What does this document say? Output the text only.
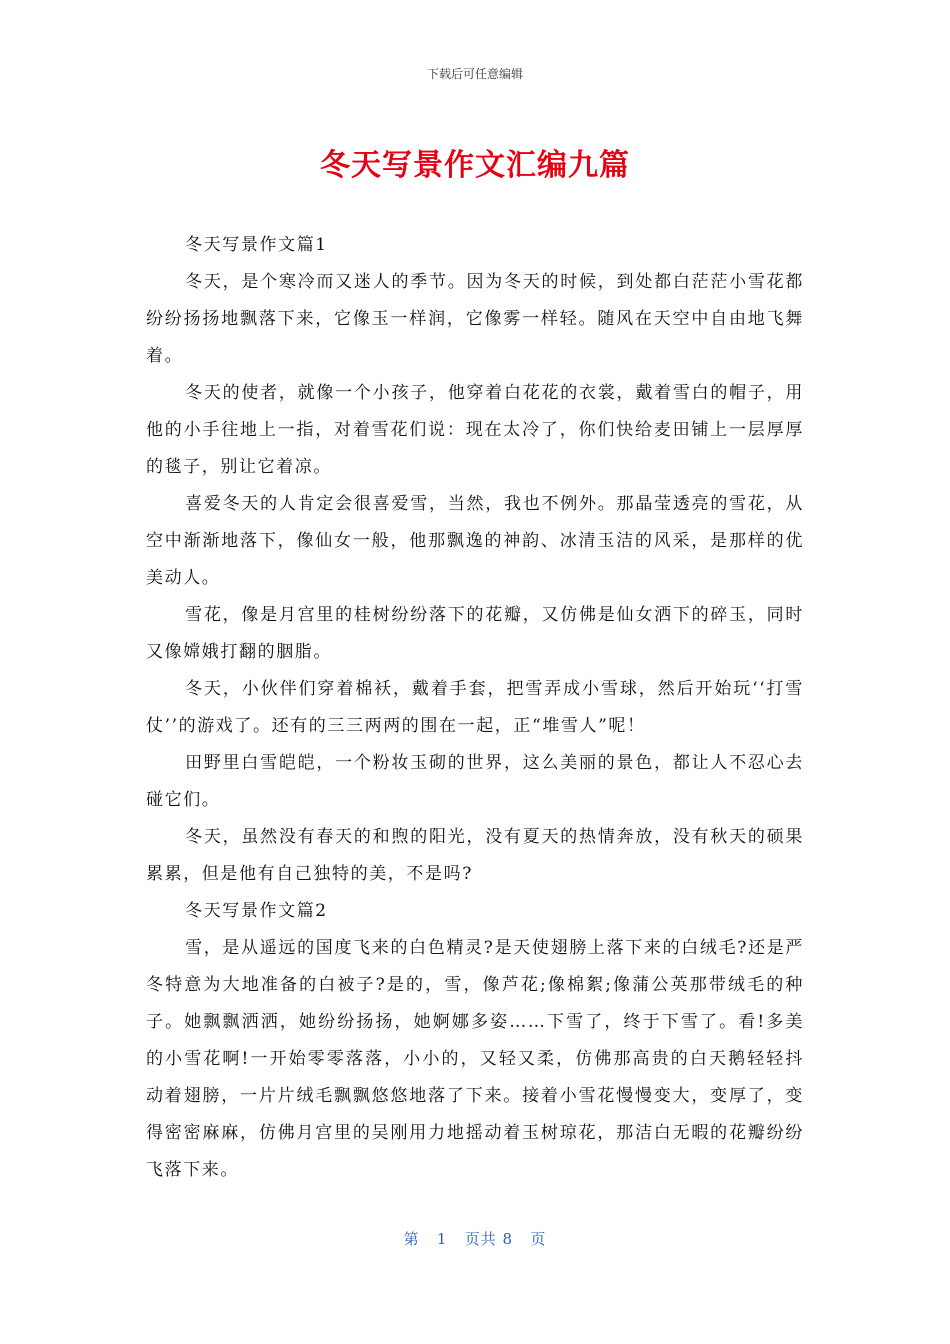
下载后可任意编辑
冬天写景作文汇编九篇

冬天写景作文篇1

冬天，是个寒冷而又迷人的季节。因为冬天的时候，到处都白茫茫小雪花都纷纷扬扬地飘落下来，它像玉一样润，它像雾一样轻。随风在天空中自由地飞舞着。

冬天的使者，就像一个小孩子，他穿着白花花的衣裳，戴着雪白的帽子，用他的小手往地上一指，对着雪花们说：现在太冷了，你们快给麦田铺上一层厚厚的毯子，别让它着凉。

喜爱冬天的人肯定会很喜爱雪，当然，我也不例外。那晶莹透亮的雪花，从空中渐渐地落下，像仙女一般，他那飘逸的神韵、冰清玉洁的风采，是那样的优美动人。

雪花，像是月宫里的桂树纷纷落下的花瓣，又仿佛是仙女洒下的碎玉，同时又像嫦娥打翻的胭脂。

冬天，小伙伴们穿着棉袄，戴着手套，把雪弄成小雪球，然后开始玩‘‘打雪仗’’的游戏了。还有的三三两两的围在一起，正“堆雪人”呢！

田野里白雪皑皑，一个粉妆玉砌的世界，这么美丽的景色，都让人不忍心去碰它们。

冬天，虽然没有春天的和煦的阳光，没有夏天的热情奔放，没有秋天的硕果累累，但是他有自己独特的美，不是吗?

冬天写景作文篇2

雪，是从遥远的国度飞来的白色精灵?是天使翅膀上落下来的白绒毛?还是严冬特意为大地准备的白被子?是的，雪，像芦花;像棉絮;像蒲公英那带绒毛的种子。她飘飘洒洒，她纷纷扬扬，她婀娜多姿……下雪了，终于下雪了。看!多美的小雪花啊!一开始零零落落，小小的，又轻又柔，仿佛那高贵的白天鹅轻轻抖动着翅膀，一片片绒毛飘飘悠悠地落了下来。接着小雪花慢慢变大，变厚了，变得密密麻麻，仿佛月宫里的吴刚用力地摇动着玉树琼花，那洁白无暇的花瓣纷纷飞落下来。

第 1 页共 8 页
